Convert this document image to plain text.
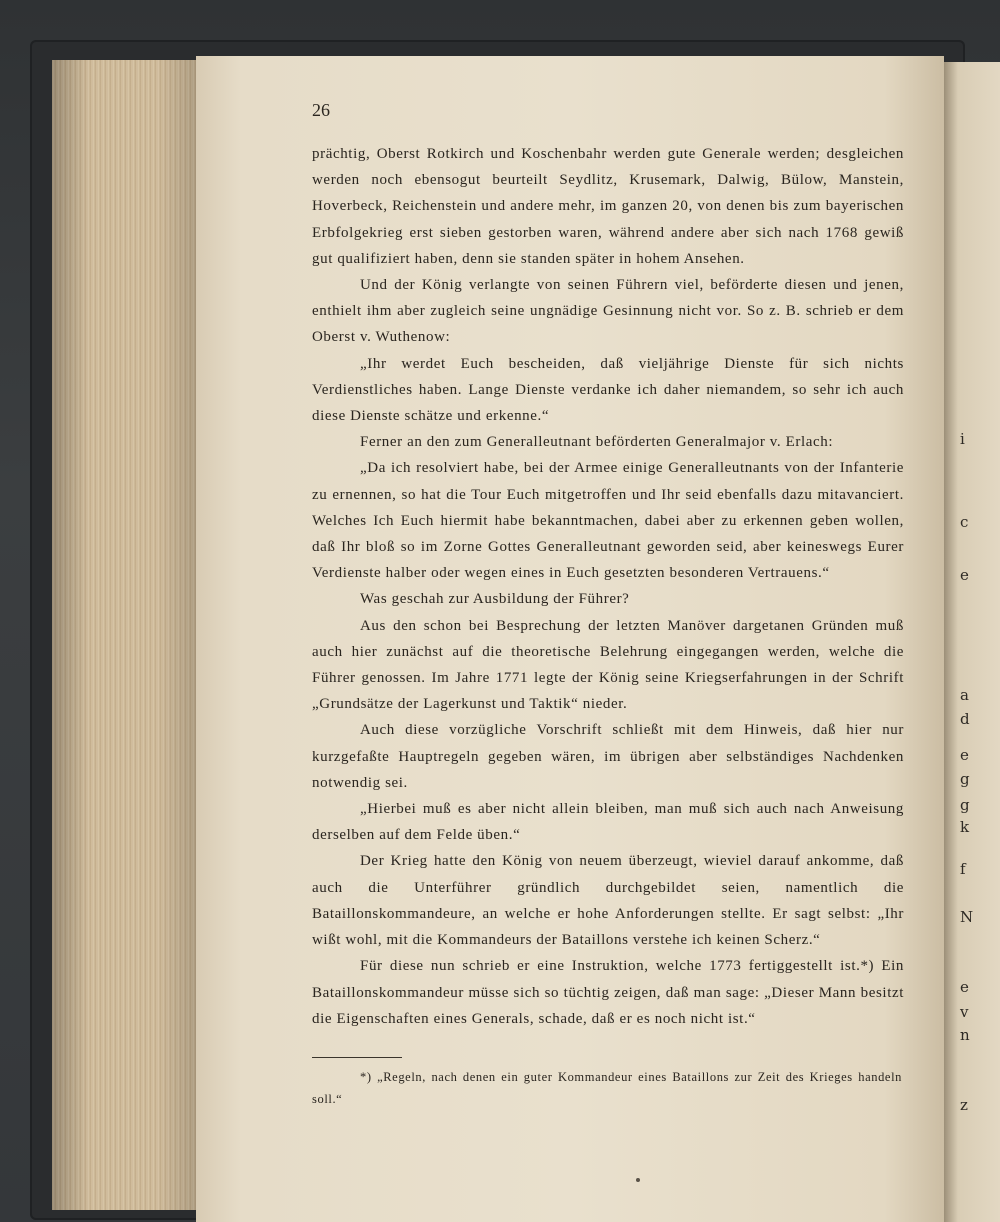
i
c
e
a
d
e
g
g
k
f
N
e
v
n
z
26

prächtig, Oberst Rotkirch und Koschenbahr werden gute Generale werden; desgleichen werden noch ebensogut beurteilt Seydlitz, Krusemark, Dalwig, Bülow, Manstein, Hoverbeck, Reichenstein und andere mehr, im ganzen 20, von denen bis zum bayerischen Erbfolgekrieg erst sieben gestorben waren, während andere aber sich nach 1768 gewiß gut qualifiziert haben, denn sie standen später in hohem Ansehen.

Und der König verlangte von seinen Führern viel, beförderte diesen und jenen, enthielt ihm aber zugleich seine ungnädige Gesinnung nicht vor. So z. B. schrieb er dem Oberst v. Wuthenow:

„Ihr werdet Euch bescheiden, daß vieljährige Dienste für sich nichts Verdienstliches haben. Lange Dienste verdanke ich daher niemandem, so sehr ich auch diese Dienste schätze und erkenne.“

Ferner an den zum Generalleutnant beförderten Generalmajor v. Erlach:

„Da ich resolviert habe, bei der Armee einige Generalleutnants von der Infanterie zu ernennen, so hat die Tour Euch mitgetroffen und Ihr seid ebenfalls dazu mitavanciert. Welches Ich Euch hiermit habe bekanntmachen, dabei aber zu erkennen geben wollen, daß Ihr bloß so im Zorne Gottes Generalleutnant geworden seid, aber keineswegs Eurer Verdienste halber oder wegen eines in Euch gesetzten besonderen Vertrauens.“

Was geschah zur Ausbildung der Führer?

Aus den schon bei Besprechung der letzten Manöver dargetanen Gründen muß auch hier zunächst auf die theoretische Belehrung eingegangen werden, welche die Führer genossen. Im Jahre 1771 legte der König seine Kriegserfahrungen in der Schrift „Grundsätze der Lagerkunst und Taktik“ nieder.

Auch diese vorzügliche Vorschrift schließt mit dem Hinweis, daß hier nur kurzgefaßte Hauptregeln gegeben wären, im übrigen aber selbständiges Nachdenken notwendig sei.

„Hierbei muß es aber nicht allein bleiben, man muß sich auch nach Anweisung derselben auf dem Felde üben.“

Der Krieg hatte den König von neuem überzeugt, wieviel darauf ankomme, daß auch die Unterführer gründlich durchgebildet seien, namentlich die Bataillonskommandeure, an welche er hohe Anforderungen stellte. Er sagt selbst: „Ihr wißt wohl, mit die Kommandeurs der Bataillons verstehe ich keinen Scherz.“

Für diese nun schrieb er eine Instruktion, welche 1773 fertiggestellt ist.*) Ein Bataillonskommandeur müsse sich so tüchtig zeigen, daß man sage: „Dieser Mann besitzt die Eigenschaften eines Generals, schade, daß er es noch nicht ist.“

*) „Regeln, nach denen ein guter Kommandeur eines Bataillons zur Zeit des Krieges handeln soll.“
